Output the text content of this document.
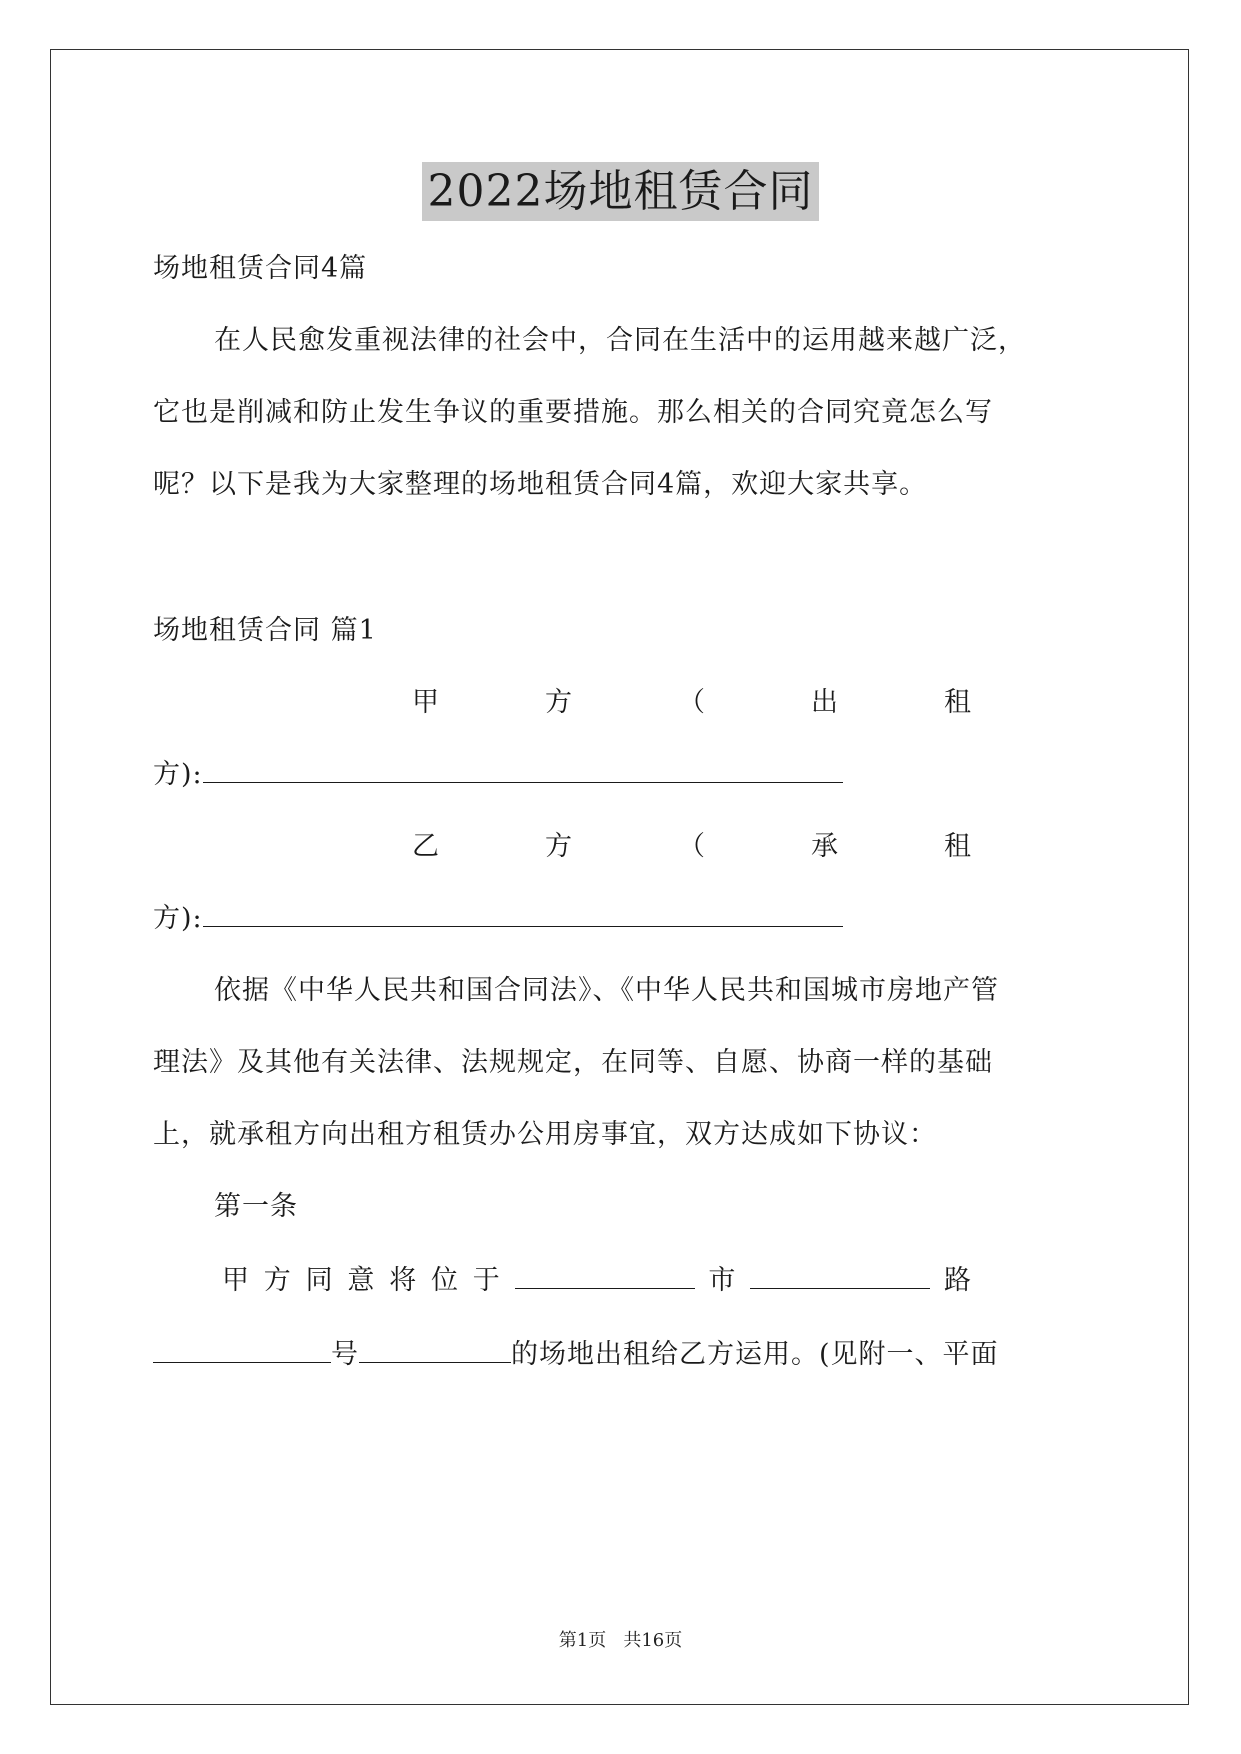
2022场地租赁合同
场地租赁合同4篇
在人民愈发重视法律的社会中，合同在生活中的运用越来越广泛，
它也是削减和防止发生争议的重要措施。那么相关的合同究竟怎么写
呢？以下是我为大家整理的场地租赁合同4篇，欢迎大家共享。
场地租赁合同 篇1
甲	方	（	出	租
方):
乙	方	（	承	租
方):
依据《中华人民共和国合同法》、《中华人民共和国城市房地产管
理法》及其他有关法律、法规规定，在同等、自愿、协商一样的基础
上，就承租方向出租方租赁办公用房事宜，双方达成如下协议：
第一条
甲 方 同 意 将 位 于	市	路
号	的场地出租给乙方运用。(见附一、平面
第1页 共16页
